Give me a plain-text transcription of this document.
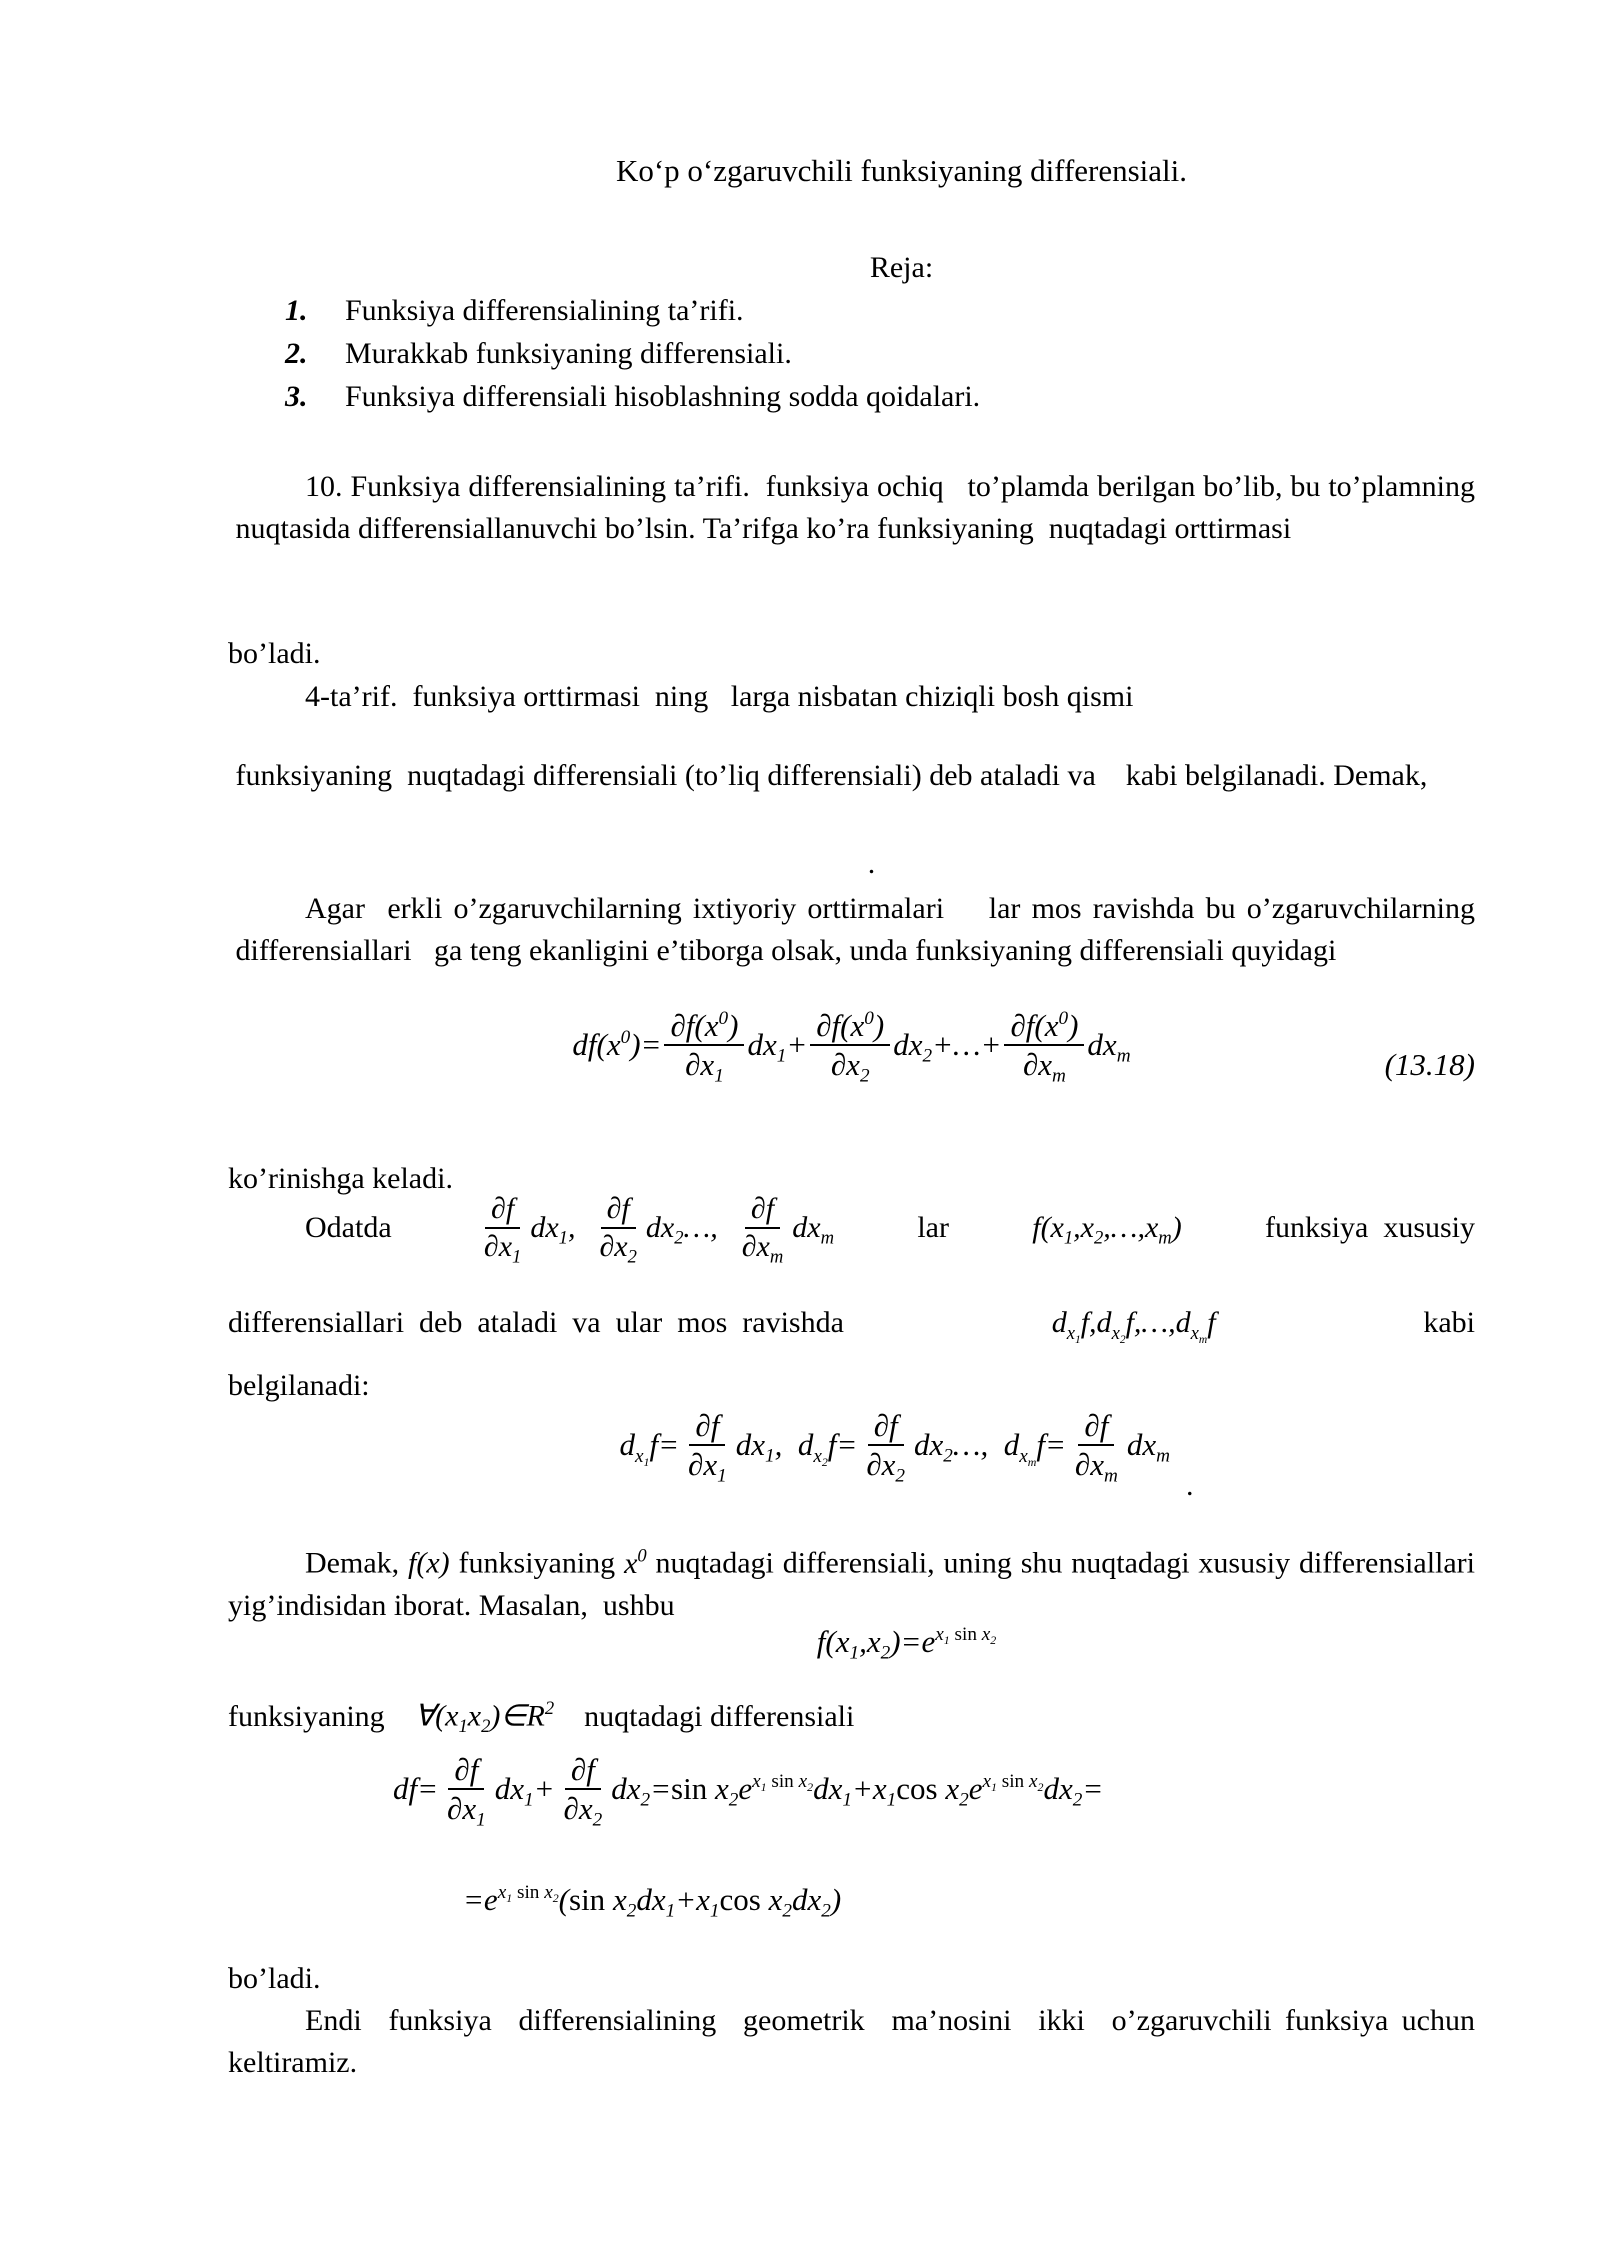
Koʻp oʻzgaruvchili funksiyaning differensiali.
Reja:
1. Funksiya differensialining ta’rifi.
2. Murakkab funksiyaning differensiali.
3. Funksiya differensiali hisoblashning sodda qoidalari.
10. Funksiya differensialining ta’rifi.  funksiya ochiq   to’plamda berilgan bo’lib, bu to’plamning  nuqtasida differensiallanuvchi bo’lsin. Ta’rifga ko’ra funksiyaning  nuqtadagi orttirmasi
bo’ladi.
4-ta’rif.  funksiya orttirmasi  ning   larga nisbatan chiziqli bosh qismi
funksiyaning  nuqtadagi differensiali (to’liq differensiali) deb ataladi va    kabi belgilanadi. Demak,
.
Agar  erkli o’zgaruvchilarning ixtiyoriy orttirmalari    lar mos ravishda bu o’zgaruvchilarning  differensiallari   ga teng ekanligini e’tiborga olsak, unda funksiyaning differensiali quyidagi
$df(x^0)= \frac{\partial f(x^0)}{\partial x_1} dx_1+ \frac{\partial f(x^0)}{\partial x_2}$ $dx_2+\dots+ \frac{\partial f(x^0)}{\partial x_m} dx_m$	(13.18)
ko’rinishga keladi.
Odatda	$\frac{\partial f}{\partial x_1} dx_1$, $\frac{\partial f}{\partial x_2}$ $dx_2\dots$, $\frac{\partial f}{\partial x_m} dx_m$	lar	$f(x_1,x_2,\dots,x_m)$	funksiya  xususiy
differensiallari  deb  ataladi  va  ular  mos  ravishda	$d_{x_1}f,d_{x_2}f,\dots,d_{x_m}f$	kabi
belgilanadi:
$d_{x_1}f= \frac{\partial f}{\partial x_1} dx_1$,  $d_{x_2}f= \frac{\partial f}{\partial x_2}$ $dx_2\dots$,  $d_{x_m}f= \frac{\partial f}{\partial x_m} dx_m$.
Demak, f(x) funksiyaning $x^0$ nuqtadagi differensiali, uning shu nuqtadagi xususiy differensiallari yig’indisidan iborat. Masalan,  ushbu
$f(x_1,x_2)=e^{x_1 sin x_2}$
funksiyaning $\forall(x_1x_2)\in R^2$ nuqtadagi differensiali
$df= \frac{\partial f}{\partial x_1} dx_1+ \frac{\partial f}{\partial x_2} dx_2=\sin$ $x_2e^{x_1 sin x_2}dx_1+x_1\cos$ $x_2e^{x_1 sin x_2}dx_2=$
$=e^{x_1 sin x_2}(\sin$ $x_2dx_1+x_1\cos$ $x_2dx_2$)
bo’ladi.
Endi  funksiya  differensialining  geometrik  ma’nosini  ikki  o’zgaruvchili funksiya uchun keltiramiz.
